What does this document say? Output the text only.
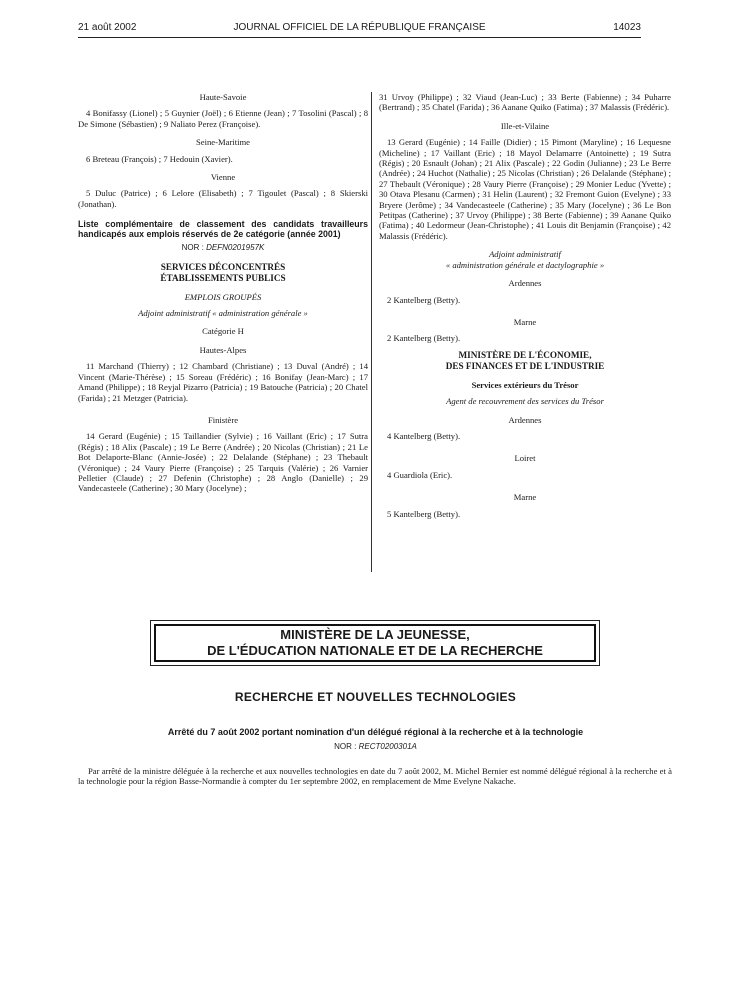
21 août 2002	JOURNAL OFFICIEL DE LA RÉPUBLIQUE FRANÇAISE	14023
Haute-Savoie
4 Bonifassy (Lionel) ; 5 Guynier (Joël) ; 6 Etienne (Jean) ; 7 Tosolini (Pascal) ; 8 De Simone (Sébastien) ; 9 Naliato Perez (Françoise).
Seine-Maritime
6 Breteau (François) ; 7 Hedouin (Xavier).
Vienne
5 Duluc (Patrice) ; 6 Lelore (Elisabeth) ; 7 Tigoulet (Pascal) ; 8 Skierski (Jonathan).
Liste complémentaire de classement des candidats travailleurs handicapés aux emplois réservés de 2e catégorie (année 2001)
NOR : DEFN0201957K
SERVICES DÉCONCENTRÉS
ÉTABLISSEMENTS PUBLICS
EMPLOIS GROUPÉS
Adjoint administratif « administration générale »
Catégorie H
Hautes-Alpes
11 Marchand (Thierry) ; 12 Chambard (Christiane) ; 13 Duval (André) ; 14 Vincent (Marie-Thérèse) ; 15 Soreau (Frédéric) ; 16 Bonifay (Jean-Marc) ; 17 Amand (Philippe) ; 18 Reyjal Pizarro (Patricia) ; 19 Batouche (Patricia) ; 20 Chatel (Farida) ; 21 Metzger (Patricia).
Finistère
14 Gerard (Eugénie) ; 15 Taillandier (Sylvie) ; 16 Vaillant (Eric) ; 17 Sutra (Régis) ; 18 Alix (Pascale) ; 19 Le Berre (Andrée) ; 20 Nicolas (Christian) ; 21 Le Bot Delaporte-Blanc (Annie-Josée) ; 22 Delalande (Stéphane) ; 23 Thebault (Véronique) ; 24 Vaury Pierre (Françoise) ; 25 Tarquis (Valérie) ; 26 Varnier Pelletier (Claude) ; 27 Defenin (Christophe) ; 28 Anglo (Danielle) ; 29 Vandecasteele (Catherine) ; 30 Mary (Jocelyne) ;
31 Urvoy (Philippe) ; 32 Viaud (Jean-Luc) ; 33 Berte (Fabienne) ; 34 Puharre (Bertrand) ; 35 Chatel (Farida) ; 36 Aanane Quiko (Fatima) ; 37 Malassis (Frédéric).
Ille-et-Vilaine
13 Gerard (Eugénie) ; 14 Faille (Didier) ; 15 Pimont (Maryline) ; 16 Lequesne (Micheline) ; 17 Vaillant (Eric) ; 18 Mayol Delamarre (Antoinette) ; 19 Sutra (Régis) ; 20 Esnault (Johan) ; 21 Alix (Pascale) ; 22 Godin (Julianne) ; 23 Le Berre (Andrée) ; 24 Huchot (Nathalie) ; 25 Nicolas (Christian) ; 26 Delalande (Stéphane) ; 27 Thebault (Véronique) ; 28 Vaury Pierre (Françoise) ; 29 Monier Leduc (Yvette) ; 30 Otava Plesanu (Carmen) ; 31 Helin (Laurent) ; 32 Fremont Guion (Evelyne) ; 33 Bryere (Jerôme) ; 34 Vandecasteele (Catherine) ; 35 Mary (Jocelyne) ; 36 Le Bon Petitpas (Catherine) ; 37 Urvoy (Philippe) ; 38 Berte (Fabienne) ; 39 Aanane Quiko (Fatima) ; 40 Ledormeur (Jean-Christophe) ; 41 Louis dit Benjamin (Françoise) ; 42 Malassis (Frédéric).
Adjoint administratif
« administration générale et dactylographie »
Ardennes
2 Kantelberg (Betty).
Marne
2 Kantelberg (Betty).
MINISTÈRE DE L'ÉCONOMIE,
DES FINANCES ET DE L'INDUSTRIE
Services extérieurs du Trésor
Agent de recouvrement des services du Trésor
Ardennes
4 Kantelberg (Betty).
Loiret
4 Guardiola (Eric).
Marne
5 Kantelberg (Betty).
MINISTÈRE DE LA JEUNESSE,
DE L'ÉDUCATION NATIONALE ET DE LA RECHERCHE
RECHERCHE ET NOUVELLES TECHNOLOGIES
Arrêté du 7 août 2002 portant nomination d'un délégué régional à la recherche et à la technologie
NOR : RECT0200301A
Par arrêté de la ministre déléguée à la recherche et aux nouvelles technologies en date du 7 août 2002, M. Michel Bernier est nommé délégué régional à la recherche et à la technologie pour la région Basse-Normandie à compter du 1er septembre 2002, en remplacement de Mme Evelyne Nakache.
